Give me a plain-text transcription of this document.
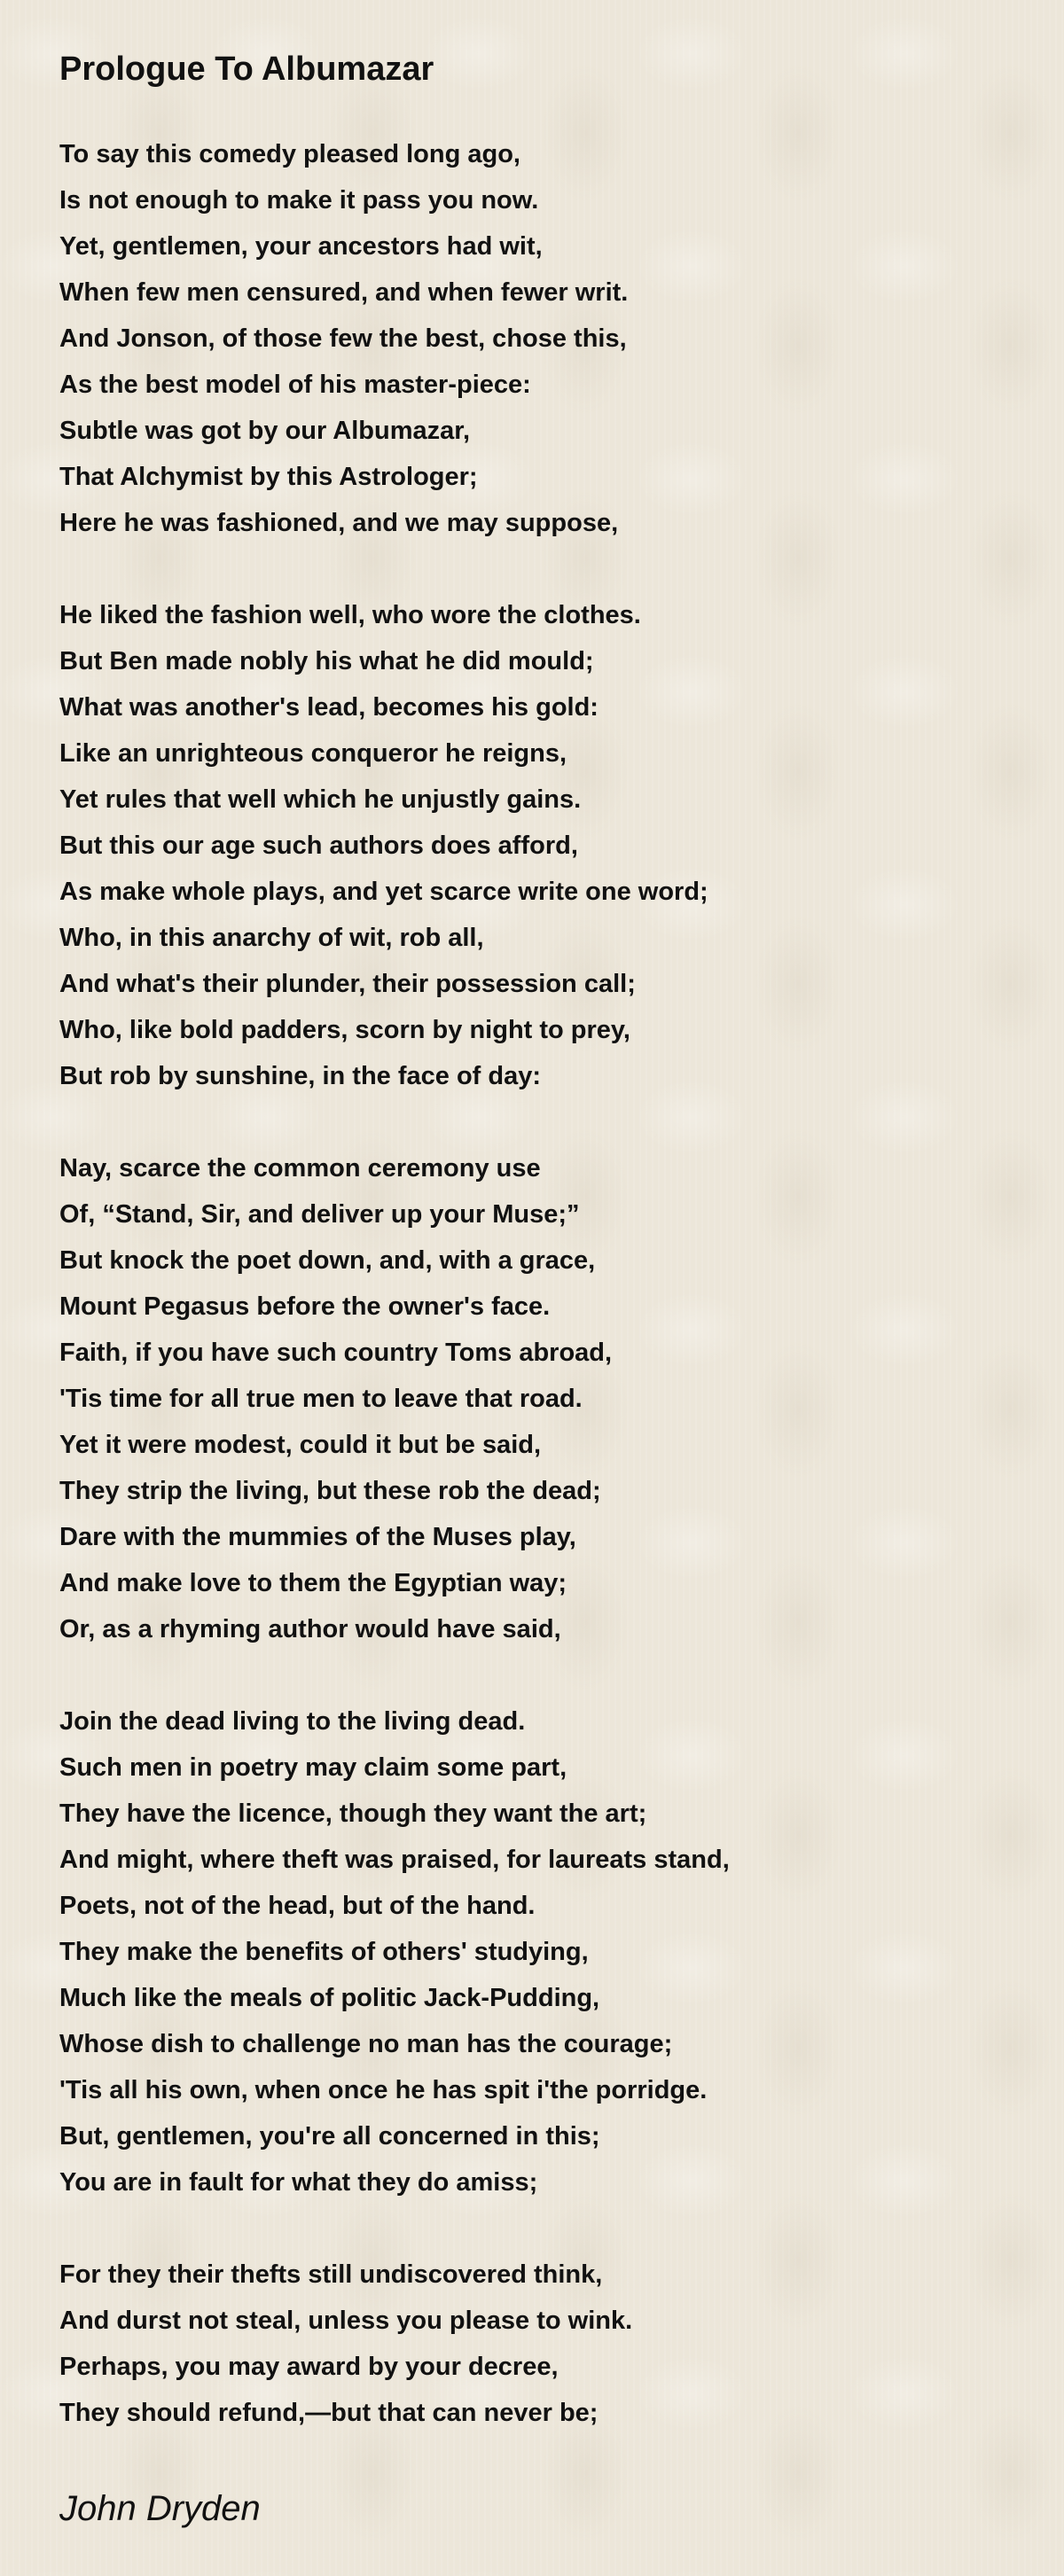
Prologue To Albumazar
To say this comedy pleased long ago,
Is not enough to make it pass you now.
Yet, gentlemen, your ancestors had wit,
When few men censured, and when fewer writ.
And Jonson, of those few the best, chose this,
As the best model of his master-piece:
Subtle was got by our Albumazar,
That Alchymist by this Astrologer;
Here he was fashioned, and we may suppose,
He liked the fashion well, who wore the clothes.
But Ben made nobly his what he did mould;
What was another's lead, becomes his gold:
Like an unrighteous conqueror he reigns,
Yet rules that well which he unjustly gains.
But this our age such authors does afford,
As make whole plays, and yet scarce write one word;
Who, in this anarchy of wit, rob all,
And what's their plunder, their possession call;
Who, like bold padders, scorn by night to prey,
But rob by sunshine, in the face of day:
Nay, scarce the common ceremony use
Of, “Stand, Sir, and deliver up your Muse;”
But knock the poet down, and, with a grace,
Mount Pegasus before the owner's face.
Faith, if you have such country Toms abroad,
'Tis time for all true men to leave that road.
Yet it were modest, could it but be said,
They strip the living, but these rob the dead;
Dare with the mummies of the Muses play,
And make love to them the Egyptian way;
Or, as a rhyming author would have said,
Join the dead living to the living dead.
Such men in poetry may claim some part,
They have the licence, though they want the art;
And might, where theft was praised, for laureats stand,
Poets, not of the head, but of the hand.
They make the benefits of others' studying,
Much like the meals of politic Jack-Pudding,
Whose dish to challenge no man has the courage;
'Tis all his own, when once he has spit i'the porridge.
But, gentlemen, you're all concerned in this;
You are in fault for what they do amiss;
For they their thefts still undiscovered think,
And durst not steal, unless you please to wink.
Perhaps, you may award by your decree,
They should refund,—but that can never be;

John Dryden
